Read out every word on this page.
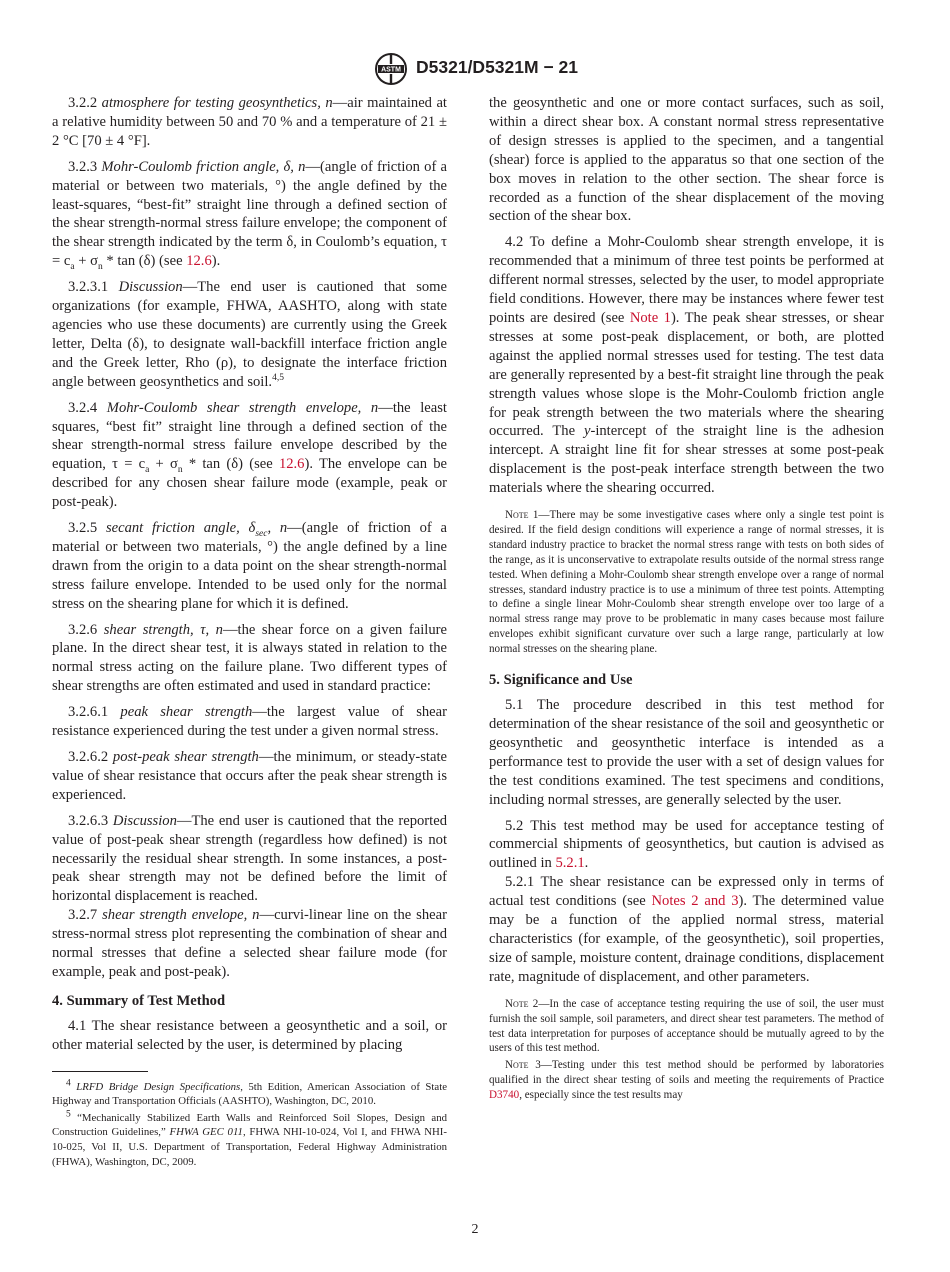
ASTM D5321/D5321M − 21

3.2.2 atmosphere for testing geosynthetics, n—air maintained at a relative humidity between 50 and 70 % and a temperature of 21 ± 2 °C [70 ± 4 °F].

3.2.3 Mohr-Coulomb friction angle, δ, n—(angle of friction of a material or between two materials, °) the angle defined by the least-squares, “best-fit” straight line through a defined section of the shear strength-normal stress failure envelope; the component of the shear strength indicated by the term δ, in Coulomb’s equation, $\tau = c_a + \sigma_n * \tan (\delta)$ (see 12.6).

3.2.3.1 Discussion—The end user is cautioned that some organizations (for example, FHWA, AASHTO, along with state agencies who use these documents) are currently using the Greek letter, Delta (δ), to designate wall-backfill interface friction angle and the Greek letter, Rho (ρ), to designate the interface friction angle between geosynthetics and soil.$^{4,5}$

3.2.4 Mohr-Coulomb shear strength envelope, n—the least squares, “best fit” straight line through a defined section of the shear strength-normal stress failure envelope described by the equation, $\tau = c_a + \sigma_n * \tan (\delta)$ (see 12.6). The envelope can be described for any chosen shear failure mode (example, peak or post-peak).

3.2.5 secant friction angle, $\delta_{sec}$, n—(angle of friction of a material or between two materials, °) the angle defined by a line drawn from the origin to a data point on the shear strength-normal stress failure envelope. Intended to be used only for the normal stress on the shearing plane for which it is defined.

3.2.6 shear strength, τ, n—the shear force on a given failure plane. In the direct shear test, it is always stated in relation to the normal stress acting on the failure plane. Two different types of shear strengths are often estimated and used in standard practice:

3.2.6.1 peak shear strength—the largest value of shear resistance experienced during the test under a given normal stress.

3.2.6.2 post-peak shear strength—the minimum, or steady-state value of shear resistance that occurs after the peak shear strength is experienced.

3.2.6.3 Discussion—The end user is cautioned that the reported value of post-peak shear strength (regardless how defined) is not necessarily the residual shear strength. In some instances, a post-peak shear strength may not be defined before the limit of horizontal displacement is reached.

3.2.7 shear strength envelope, n—curvi-linear line on the shear stress-normal stress plot representing the combination of shear and normal stresses that define a selected shear failure mode (for example, peak and post-peak).

4. Summary of Test Method

4.1 The shear resistance between a geosynthetic and a soil, or other material selected by the user, is determined by placing

$^4$ LRFD Bridge Design Specifications, 5th Edition, American Association of State Highway and Transportation Officials (AASHTO), Washington, DC, 2010.

$^5$ “Mechanically Stabilized Earth Walls and Reinforced Soil Slopes, Design and Construction Guidelines,” FHWA GEC 011, FHWA NHI-10-024, Vol I, and FHWA NHI-10-025, Vol II, U.S. Department of Transportation, Federal Highway Administration (FHWA), Washington, DC, 2009.

the geosynthetic and one or more contact surfaces, such as soil, within a direct shear box. A constant normal stress representative of design stresses is applied to the specimen, and a tangential (shear) force is applied to the apparatus so that one section of the box moves in relation to the other section. The shear force is recorded as a function of the shear displacement of the moving section of the shear box.

4.2 To define a Mohr-Coulomb shear strength envelope, it is recommended that a minimum of three test points be performed at different normal stresses, selected by the user, to model appropriate field conditions. However, there may be instances where fewer test points are desired (see Note 1). The peak shear stresses, or shear stresses at some post-peak displacement, or both, are plotted against the applied normal stresses used for testing. The test data are generally represented by a best-fit straight line through the peak strength values whose slope is the Mohr-Coulomb friction angle for peak strength between the two materials where the shearing occurred. The y-intercept of the straight line is the adhesion intercept. A straight line fit for shear stresses at some post-peak displacement is the post-peak interface strength between the two materials where the shearing occurred.

Note 1—There may be some investigative cases where only a single test point is desired. If the field design conditions will experience a range of normal stresses, it is standard industry practice to bracket the normal stress range with tests on both sides of the range, as it is unconservative to extrapolate results outside of the normal stress range tested. When defining a Mohr-Coulomb shear strength envelope over a range of normal stresses, standard industry practice is to use a minimum of three test points. Attempting to define a single linear Mohr-Coulomb shear strength envelope over too large of a normal stress range may prove to be problematic in many cases because most failure envelopes exhibit significant curvature over such a large range, particularly at low normal stresses on the shearing plane.

5. Significance and Use

5.1 The procedure described in this test method for determination of the shear resistance of the soil and geosynthetic or geosynthetic and geosynthetic interface is intended as a performance test to provide the user with a set of design values for the test conditions examined. The test specimens and conditions, including normal stresses, are generally selected by the user.

5.2 This test method may be used for acceptance testing of commercial shipments of geosynthetics, but caution is advised as outlined in 5.2.1.

5.2.1 The shear resistance can be expressed only in terms of actual test conditions (see Notes 2 and 3). The determined value may be a function of the applied normal stress, material characteristics (for example, of the geosynthetic), soil properties, size of sample, moisture content, drainage conditions, displacement rate, magnitude of displacement, and other parameters.

Note 2—In the case of acceptance testing requiring the use of soil, the user must furnish the soil sample, soil parameters, and direct shear test parameters. The method of test data interpretation for purposes of acceptance should be mutually agreed to by the users of this test method.

Note 3—Testing under this test method should be performed by laboratories qualified in the direct shear testing of soils and meeting the requirements of Practice D3740, especially since the test results may

2
